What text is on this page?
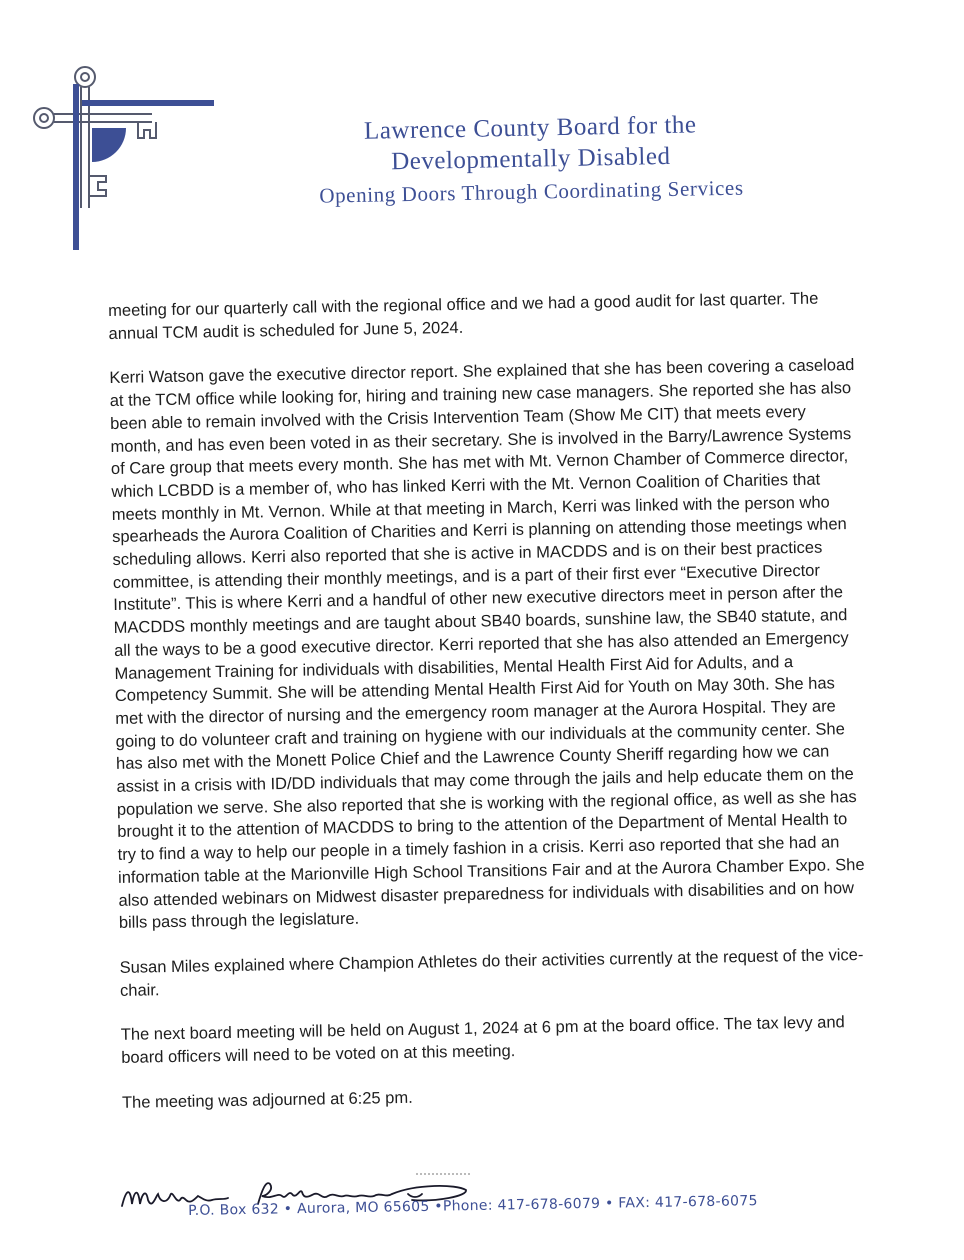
Lawrence County Board for the
Developmentally Disabled
Opening Doors Through Coordinating Services

meeting for our quarterly call with the regional office and we had a good audit for last quarter. The annual TCM audit is scheduled for June 5, 2024.

Kerri Watson gave the executive director report. She explained that she has been covering a caseload at the TCM office while looking for, hiring and training new case managers. She reported she has also been able to remain involved with the Crisis Intervention Team (Show Me CIT) that meets every month, and has even been voted in as their secretary. She is involved in the Barry/Lawrence Systems of Care group that meets every month. She has met with Mt. Vernon Chamber of Commerce director, which LCBDD is a member of, who has linked Kerri with the Mt. Vernon Coalition of Charities that meets monthly in Mt. Vernon. While at that meeting in March, Kerri was linked with the person who spearheads the Aurora Coalition of Charities and Kerri is planning on attending those meetings when scheduling allows. Kerri also reported that she is active in MACDDS and is on their best practices committee, is attending their monthly meetings, and is a part of their first ever “Executive Director Institute”. This is where Kerri and a handful of other new executive directors meet in person after the MACDDS monthly meetings and are taught about SB40 boards, sunshine law, the SB40 statute, and all the ways to be a good executive director. Kerri reported that she has also attended an Emergency Management Training for individuals with disabilities, Mental Health First Aid for Adults, and a Competency Summit. She will be attending Mental Health First Aid for Youth on May 30th. She has met with the director of nursing and the emergency room manager at the Aurora Hospital. They are going to do volunteer craft and training on hygiene with our individuals at the community center. She has also met with the Monett Police Chief and the Lawrence County Sheriff regarding how we can assist in a crisis with ID/DD individuals that may come through the jails and help educate them on the population we serve. She also reported that she is working with the regional office, as well as she has brought it to the attention of MACDDS to bring to the attention of the Department of Mental Health to try to find a way to help our people in a timely fashion in a crisis. Kerri aso reported that she had an information table at the Marionville High School Transitions Fair and at the Aurora Chamber Expo. She also attended webinars on Midwest disaster preparedness for individuals with disabilities and on how bills pass through the legislature.

Susan Miles explained where Champion Athletes do their activities currently at the request of the vice-chair.

The next board meeting will be held on August 1, 2024 at 6 pm at the board office. The tax levy and board officers will need to be voted on at this meeting.

The meeting was adjourned at 6:25 pm.

P.O. Box 632 • Aurora, MO 65605 •Phone: 417-678-6079 • FAX: 417-678-6075
